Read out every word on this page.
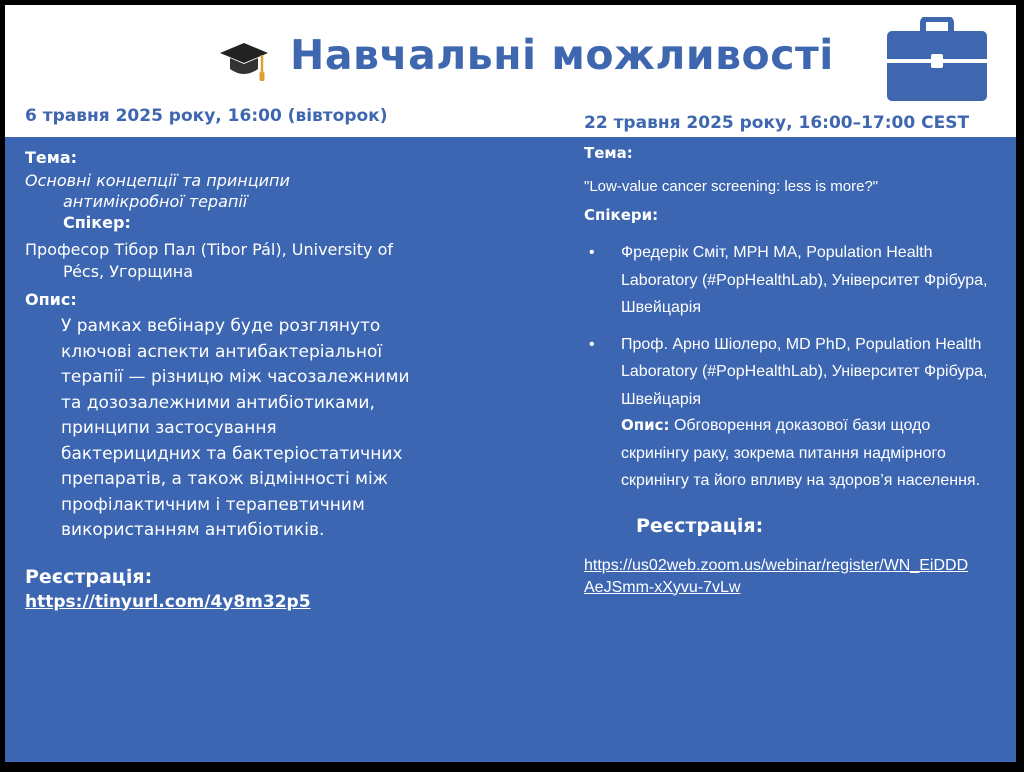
Навчальні можливості
6 травня 2025 року, 16:00 (вівторок)	22 травня 2025 року, 16:00–17:00 CEST
Тема:
Основні концепції та принципи антимікробної терапії
Спікер:
Професор Тібор Пал (Tibor Pál), University of Pécs, Угорщина
Опис:
У рамках вебінару буде розглянуто ключові аспекти антибактеріальної терапії — різницю між часозалежними та дозозалежними антибіотиками, принципи застосування бактерицидних та бактеріостатичних препаратів, а також відмінності між профілактичним і терапевтичним використанням антибіотиків.
Реєстрація:
https://tinyurl.com/4y8m32p5
Тема:
"Low-value cancer screening: less is more?"
Спікери:
• Фредерік Сміт, MPH MA, Population Health Laboratory (#PopHealthLab), Університет Фрібура, Швейцарія
• Проф. Арно Шіолеро, MD PhD, Population Health Laboratory (#PopHealthLab), Університет Фрібура, Швейцарія
Опис: Обговорення доказової бази щодо скринінгу раку, зокрема питання надмірного скринінгу та його впливу на здоров’я населення.
Реєстрація:
https://us02web.zoom.us/webinar/register/WN_EiDDDAeJSmm-xXyvu-7vLw
